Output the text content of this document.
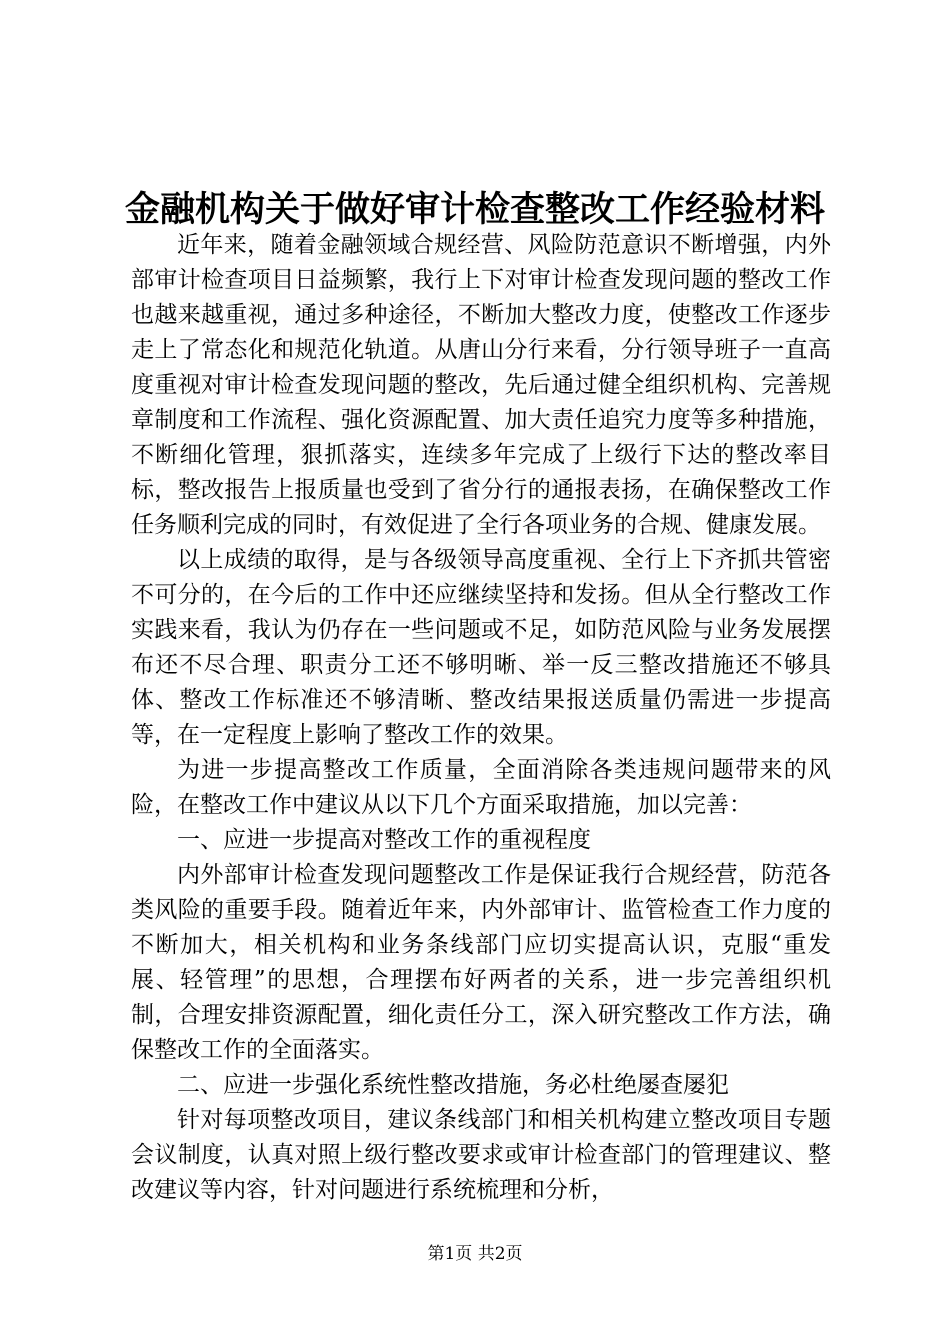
金融机构关于做好审计检查整改工作经验材料

近年来，随着金融领域合规经营、风险防范意识不断增强，内外部审计检查项目日益频繁，我行上下对审计检查发现问题的整改工作也越来越重视，通过多种途径，不断加大整改力度，使整改工作逐步走上了常态化和规范化轨道。从唐山分行来看，分行领导班子一直高度重视对审计检查发现问题的整改，先后通过健全组织机构、完善规章制度和工作流程、强化资源配置、加大责任追究力度等多种措施，不断细化管理，狠抓落实，连续多年完成了上级行下达的整改率目标，整改报告上报质量也受到了省分行的通报表扬，在确保整改工作任务顺利完成的同时，有效促进了全行各项业务的合规、健康发展。

以上成绩的取得，是与各级领导高度重视、全行上下齐抓共管密不可分的，在今后的工作中还应继续坚持和发扬。但从全行整改工作实践来看，我认为仍存在一些问题或不足，如防范风险与业务发展摆布还不尽合理、职责分工还不够明晰、举一反三整改措施还不够具体、整改工作标准还不够清晰、整改结果报送质量仍需进一步提高等，在一定程度上影响了整改工作的效果。

为进一步提高整改工作质量，全面消除各类违规问题带来的风险，在整改工作中建议从以下几个方面采取措施，加以完善：

一、应进一步提高对整改工作的重视程度

内外部审计检查发现问题整改工作是保证我行合规经营，防范各类风险的重要手段。随着近年来，内外部审计、监管检查工作力度的不断加大，相关机构和业务条线部门应切实提高认识，克服“重发展、轻管理”的思想，合理摆布好两者的关系，进一步完善组织机制，合理安排资源配置，细化责任分工，深入研究整改工作方法，确保整改工作的全面落实。

二、应进一步强化系统性整改措施，务必杜绝屡查屡犯

针对每项整改项目，建议条线部门和相关机构建立整改项目专题会议制度，认真对照上级行整改要求或审计检查部门的管理建议、整改建议等内容，针对问题进行系统梳理和分析，

第1页 共2页
